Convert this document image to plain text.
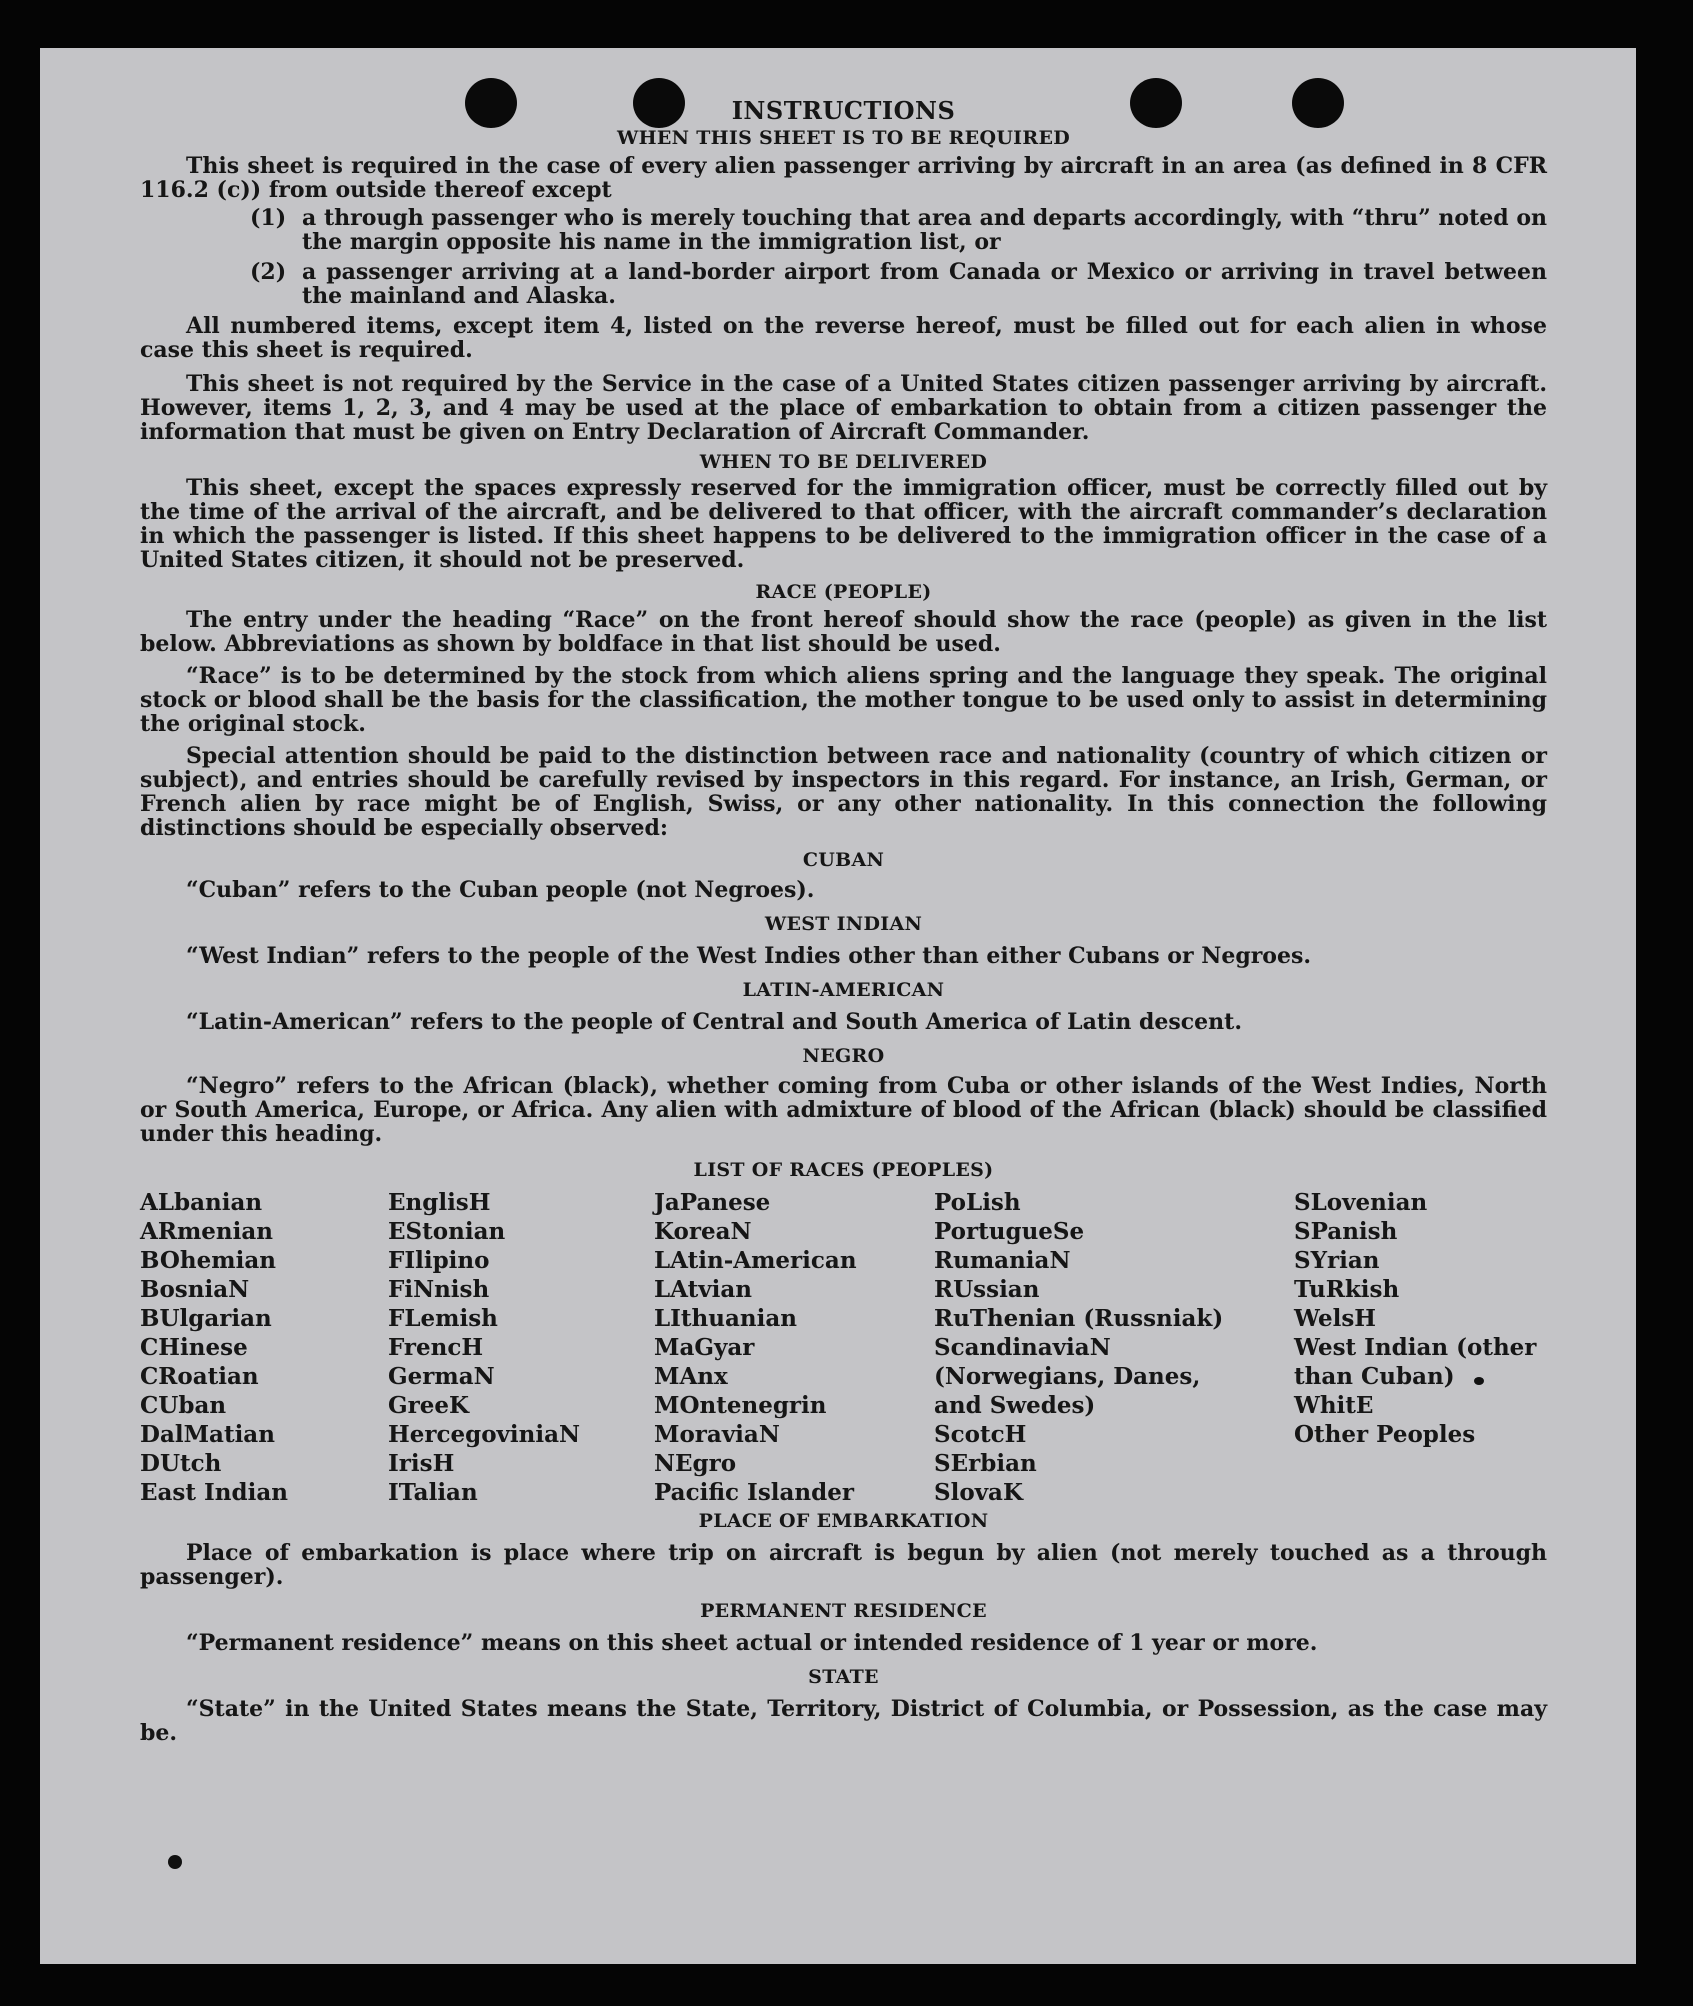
INSTRUCTIONS
WHEN THIS SHEET IS TO BE REQUIRED

This sheet is required in the case of every alien passenger arriving by aircraft in an area (as defined in 8 CFR 116.2 (c)) from outside thereof except

(1) a through passenger who is merely touching that area and departs accordingly, with “thru” noted on the margin opposite his name in the immigration list, or
(2) a passenger arriving at a land-border airport from Canada or Mexico or arriving in travel between the mainland and Alaska.

All numbered items, except item 4, listed on the reverse hereof, must be filled out for each alien in whose case this sheet is required.

This sheet is not required by the Service in the case of a United States citizen passenger arriving by aircraft. However, items 1, 2, 3, and 4 may be used at the place of embarkation to obtain from a citizen passenger the information that must be given on Entry Declaration of Aircraft Commander.

WHEN TO BE DELIVERED

This sheet, except the spaces expressly reserved for the immigration officer, must be correctly filled out by the time of the arrival of the aircraft, and be delivered to that officer, with the aircraft commander’s declaration in which the passenger is listed. If this sheet happens to be delivered to the immigration officer in the case of a United States citizen, it should not be preserved.

RACE (PEOPLE)

The entry under the heading “Race” on the front hereof should show the race (people) as given in the list below. Abbreviations as shown by boldface in that list should be used.

“Race” is to be determined by the stock from which aliens spring and the language they speak. The original stock or blood shall be the basis for the classification, the mother tongue to be used only to assist in determining the original stock.

Special attention should be paid to the distinction between race and nationality (country of which citizen or subject), and entries should be carefully revised by inspectors in this regard. For instance, an Irish, German, or French alien by race might be of English, Swiss, or any other nationality. In this connection the following distinctions should be especially observed:

CUBAN

“Cuban” refers to the Cuban people (not Negroes).

WEST INDIAN

“West Indian” refers to the people of the West Indies other than either Cubans or Negroes.

LATIN-AMERICAN

“Latin-American” refers to the people of Central and South America of Latin descent.

NEGRO

“Negro” refers to the African (black), whether coming from Cuba or other islands of the West Indies, North or South America, Europe, or Africa. Any alien with admixture of blood of the African (black) should be classified under this heading.

LIST OF RACES (PEOPLES)
ALbanian
ARmenian
BOhemian
BosniaN
BUlgarian
CHinese
CRoatian
CUban
DalMatian
DUtch
East Indian
EnglisH
EStonian
FIlipino
FiNnish
FLemish
FrencH
GermaN
GreeK
HercegoviniaN
IrisH
ITalian
JaPanese
KoreaN
LAtin-American
LAtvian
LIthuanian
MaGyar
MAnx
MOntenegrin
MoraviaN
NEgro
Pacific Islander
PoLish
PortugueSe
RumaniaN
RUssian
RuThenian (Russniak)
ScandinaviaN (Norwegians, Danes, and Swedes)
ScotcH
SErbian
SlovaK
SLovenian
SPanish
SYrian
TuRkish
WelsH
West Indian (other than Cuban)
WhitE
Other Peoples
PLACE OF EMBARKATION

Place of embarkation is place where trip on aircraft is begun by alien (not merely touched as a through passenger).

PERMANENT RESIDENCE

“Permanent residence” means on this sheet actual or intended residence of 1 year or more.

STATE

“State” in the United States means the State, Territory, District of Columbia, or Possession, as the case may be.
